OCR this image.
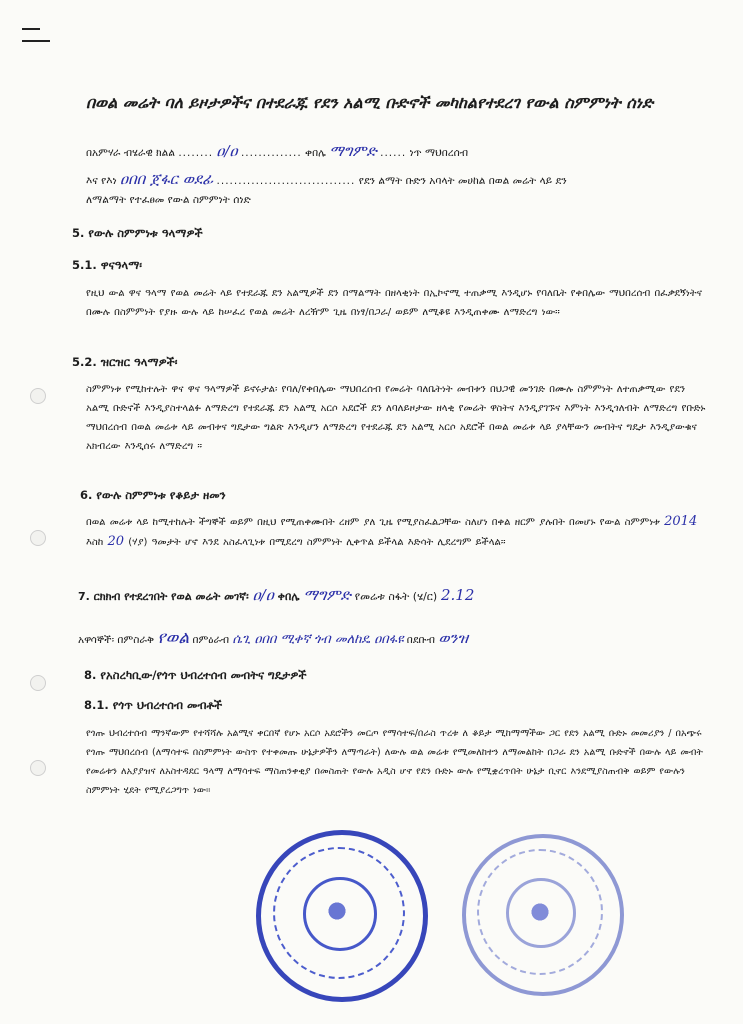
በወል መሬት ባለ ይዞታዎችና በተደራጁ የደን አልሚ ቡድኖች መካከልየተደረገ የውል ስምምነት ሰነድ
በአምሃራ ብሄራዊ ክልል ........ ዐ/ዐ .............. ቀበሌ ማግምድ ...... ነጥ ማህበረሰብ
እና የእነ ዐበበ ጀፋር ወደፊ ................................ የደን ልማት ቡድን አባላት መሀከል በወል መሬት ላይ ደን
ለማልማት የተፈፀመ የውል ስምምነት ሰነድ
5. የውሉ ስምምነቱ ዓላማዎች
5.1. ዋናዓላማ፡
የዚህ ውል ዋና ዓላማ የወል መሬት ላይ የተደራጁ ደን አልሚዎች ደን በማልማት በዘላቂነት በኢኮኖሚ ተጠቃሚ እንዲሆኑ የባለቤት የቀበሌው ማህበረሰብ በፈቃደኝነትና በሙሉ በስምምነት የያዙ ውሉ ላይ ከሠፈረ የወል መሬት ለረዥም ጊዜ በነፃ/በጋራ/ ወይም ለሚቆዩ እንዲጠቀሙ ለማድረግ ነው።
5.2. ዝርዝር ዓላማዎች፡
ስምምነቱ የሚከተሉት ዋና ዋና ዓላማዎች ይኖሩታል፡ የባለ/የቀበሌው ማህበረሰብ የመሬት ባለቤትነት መብቱን በህጋዊ መንገድ በሙሉ ስምምነት ለተጠቃሚው የደን አልሚ ቡድኖች እንዲያስተላልፉ ለማድረግ የተደራጁ ደን አልሚ አርሶ አደሮች ደን ለባለይዞታው ዘላቂ የመሬት ዋስትና እንዲያገኙና እምነት እንዲጎለብት ለማድረግ የቡድኑ ማህበረሰብ በወል መሬቱ ላይ መብቱና ግዴታው ግልጽ እንዲሆን ለማድረግ የተደራጁ ደን አልሚ አርሶ አደሮች በወል መሬቱ ላይ ያላቸውን መብትና ግዴታ እንዲያውቁና አክብረው እንዲሰሩ ለማድረግ ።
6. የውሉ ስምምነቱ የቆይታ ዘመን
በወል መሬቱ ላይ ከሚተከሉት ችግኞች ወይም በዚህ የሚጠቀሙበት ረዘም ያለ ጊዜ የሚያስፈልጋቸው ስለሆነ በቀል ዘርም ያሉበት በመሆኑ የውል ስምምነቱ 2014 እስከ 20 (ሃያ) ዓመታት ሆኖ እንደ አስፈላጊነቱ በሚደረግ ስምምነት ሊቀጥል ይችላል እድሳት ሊደረግም ይችላል።
7. ርክክብ የተደረገበት የወል መሬት መገኛ፡ ዐ/ዐ ቀበሌ ማግምድ የመሬቱ ስፋት (ሄ/ር) 2.12
አዋሳኞች፡ በምስራቅ የወል በምዕራብ ሴጊ ዐበበ ሚቀኛ ጎብ መለከዴ ዐበፋዩ በደቡብ ወንዝ
8. የአስረካቢው/የጎጥ ህብረተሰብ መብትና ግዴታዎች
8.1. የጎጥ ህብረተሰብ መብቶች
የጎጡ ህብረተሰብ ማንኛውም የተሻሻሉ አልሚና ቀርበኛ የሆኑ አርሶ አደሮችን መርጦ የማሳተፍ/በራስ ጥረቱ ለ ቆይታ ሚከማማችው ጋር የደን አልሚ ቡድኑ መመሪያን / በአጭሩ የጎጡ ማህበረሰብ (ለማሳተፍ በስምምነት ውስጥ የተቀመጡ ሁኔታዎችን ለማጣራት) ለውሉ ወል መሬቱ የሚመለከተን ለማመልከት በጋራ ደን አልሚ ቡድኖች በውሉ ላይ መብት የመሬቱን ለአያያዝና ለአስተዳደር ዓላማ ለማሳተፍ ማስጠንቀቂያ በመስጠት የውሉ አዲስ ሆኖ የደን ቡድኑ ውሉ የሚቋረጥበት ሁኔታ ቢኖር እንደሚያስጠብቅ ወይም የውሉን ስምምነት ሂደት የሚያረጋግጥ ነው።
